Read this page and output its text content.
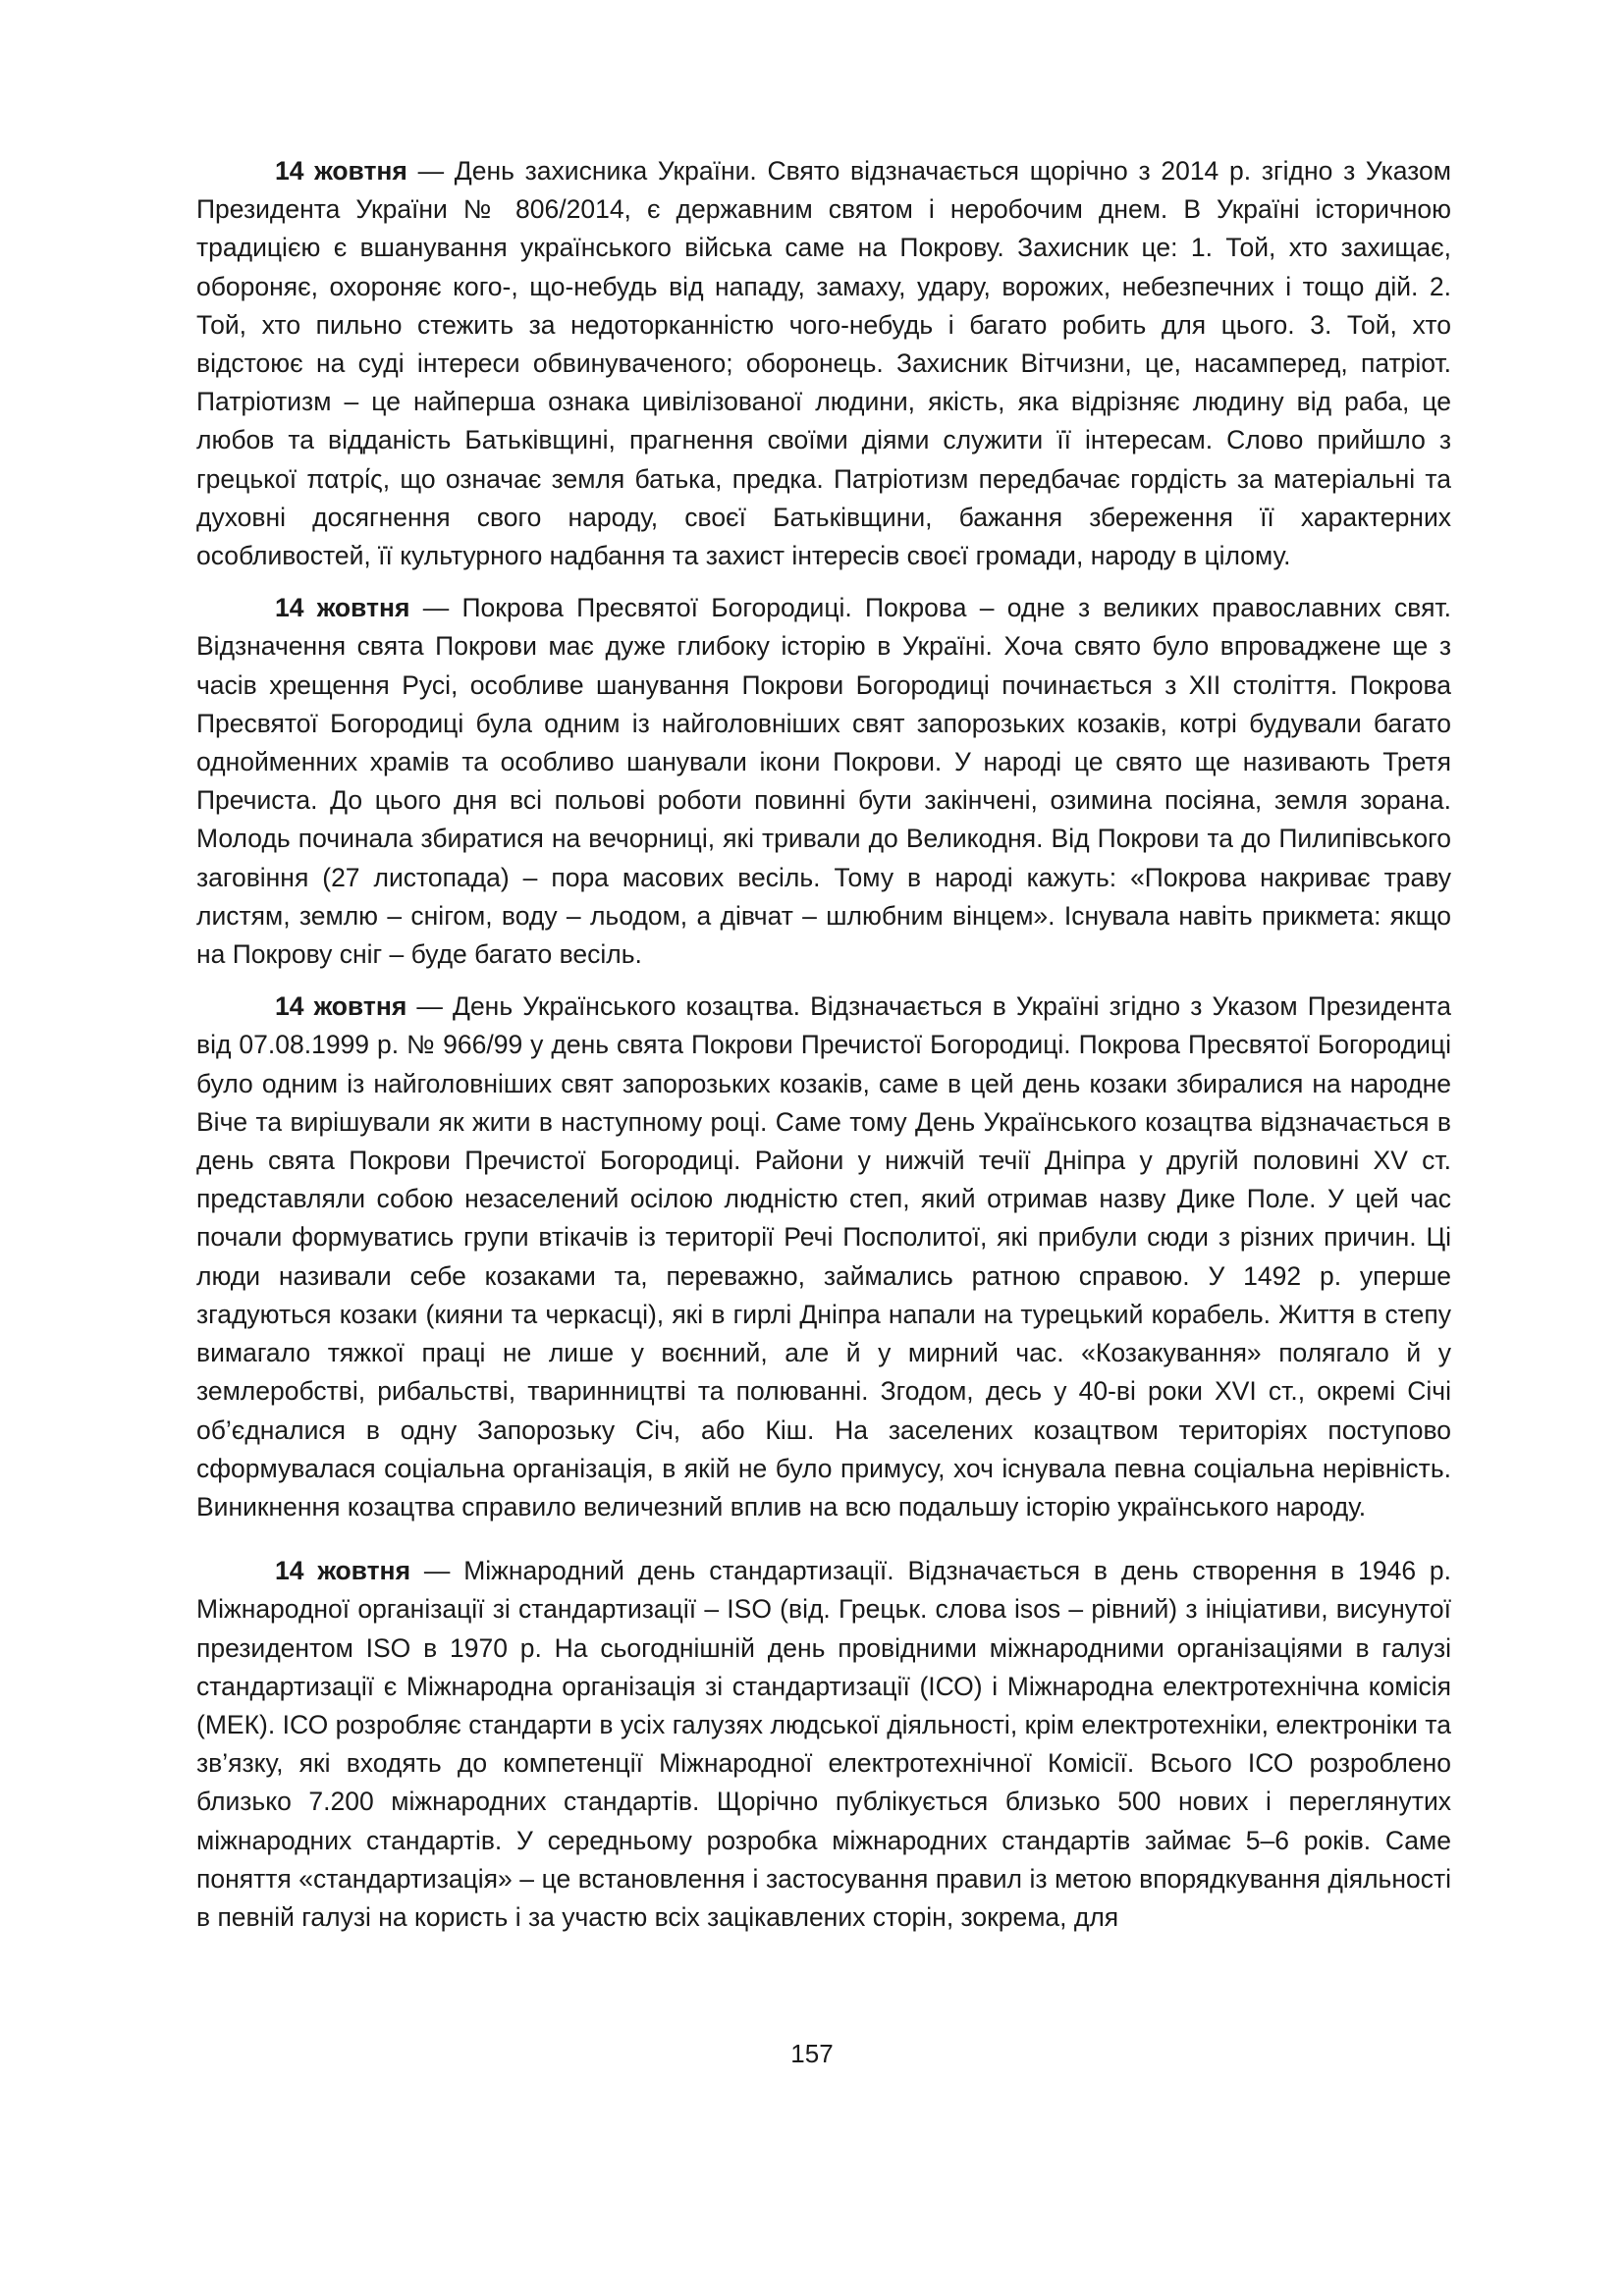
14 жовтня — День захисника України. Свято відзначається щорічно з 2014 р. згідно з Указом Президента України № 806/2014, є державним святом і неробочим днем. В Україні історичною традицією є вшанування українського війська саме на Покрову. Захисник це: 1. Той, хто захищає, обороняє, охороняє кого-, що-небудь від нападу, замаху, удару, ворожих, небезпечних і тощо дій. 2. Той, хто пильно стежить за недоторканністю чого-небудь і багато робить для цього. 3. Той, хто відстоює на суді інтереси обвинуваченого; оборонець. Захисник Вітчизни, це, насамперед, патріот. Патріотизм – це найперша ознака цивілізованої людини, якість, яка відрізняє людину від раба, це любов та відданість Батьківщині, прагнення своїми діями служити її інтересам. Слово прийшло з грецької πατρίς, що означає земля батька, предка. Патріотизм передбачає гордість за матеріальні та духовні досягнення свого народу, своєї Батьківщини, бажання збереження її характерних особливостей, її культурного надбання та захист інтересів своєї громади, народу в цілому.

14 жовтня — Покрова Пресвятої Богородиці. Покрова – одне з великих православних свят. Відзначення свята Покрови має дуже глибоку історію в Україні. Хоча свято було впроваджене ще з часів хрещення Русі, особливе шанування Покрови Богородиці починається з XII століття. Покрова Пресвятої Богородиці була одним із найголовніших свят запорозьких козаків, котрі будували багато однойменних храмів та особливо шанували ікони Покрови. У народі це свято ще називають Третя Пречиста. До цього дня всі польові роботи повинні бути закінчені, озимина посіяна, земля зорана. Молодь починала збиратися на вечорниці, які тривали до Великодня. Від Покрови та до Пилипівського заговіння (27 листопада) – пора масових весіль. Тому в народі кажуть: «Покрова накриває траву листям, землю – снігом, воду – льодом, а дівчат – шлюбним вінцем». Існувала навіть прикмета: якщо на Покрову сніг – буде багато весіль.

14 жовтня — День Українського козацтва. Відзначається в Україні згідно з Указом Президента від 07.08.1999 р. № 966/99 у день свята Покрови Пречистої Богородиці. Покрова Пресвятої Богородиці було одним із найголовніших свят запорозьких козаків, саме в цей день козаки збиралися на народне Віче та вирішували як жити в наступному році. Саме тому День Українського козацтва відзначається в день свята Покрови Пречистої Богородиці. Райони у нижчій течії Дніпра у другій половині XV ст. представляли собою незаселений осілою людністю степ, який отримав назву Дике Поле. У цей час почали формуватись групи втікачів із території Речі Посполитої, які прибули сюди з різних причин. Ці люди називали себе козаками та, переважно, займались ратною справою. У 1492 р. уперше згадуються козаки (кияни та черкасці), які в гирлі Дніпра напали на турецький корабель. Життя в степу вимагало тяжкої праці не лише у воєнний, але й у мирний час. «Козакування» полягало й у землеробстві, рибальстві, тваринництві та полюванні. Згодом, десь у 40-ві роки XVI ст., окремі Січі об’єдналися в одну Запорозьку Січ, або Кіш. На заселених козацтвом територіях поступово сформувалася соціальна організація, в якій не було примусу, хоч існувала певна соціальна нерівність. Виникнення козацтва справило величезний вплив на всю подальшу історію українського народу.

14 жовтня — Міжнародний день стандартизації. Відзначається в день створення в 1946 р. Міжнародної організації зі стандартизації – ISO (від. Грецьк. слова isos – рівний) з ініціативи, висунутої президентом ISO в 1970 р. На сьогоднішній день провідними міжнародними організаціями в галузі стандартизації є Міжнародна організація зі стандартизації (ІСО) і Міжнародна електротехнічна комісія (МЕК). ІСО розробляє стандарти в усіх галузях людської діяльності, крім електротехніки, електроніки та зв’язку, які входять до компетенції Міжнародної електротехнічної Комісії. Всього ІСО розроблено близько 7.200 міжнародних стандартів. Щорічно публікується близько 500 нових і переглянутих міжнародних стандартів. У середньому розробка міжнародних стандартів займає 5–6 років. Саме поняття «стандартизація» – це встановлення і застосування правил із метою впорядкування діяльності в певній галузі на користь і за участю всіх зацікавлених сторін, зокрема, для

157
